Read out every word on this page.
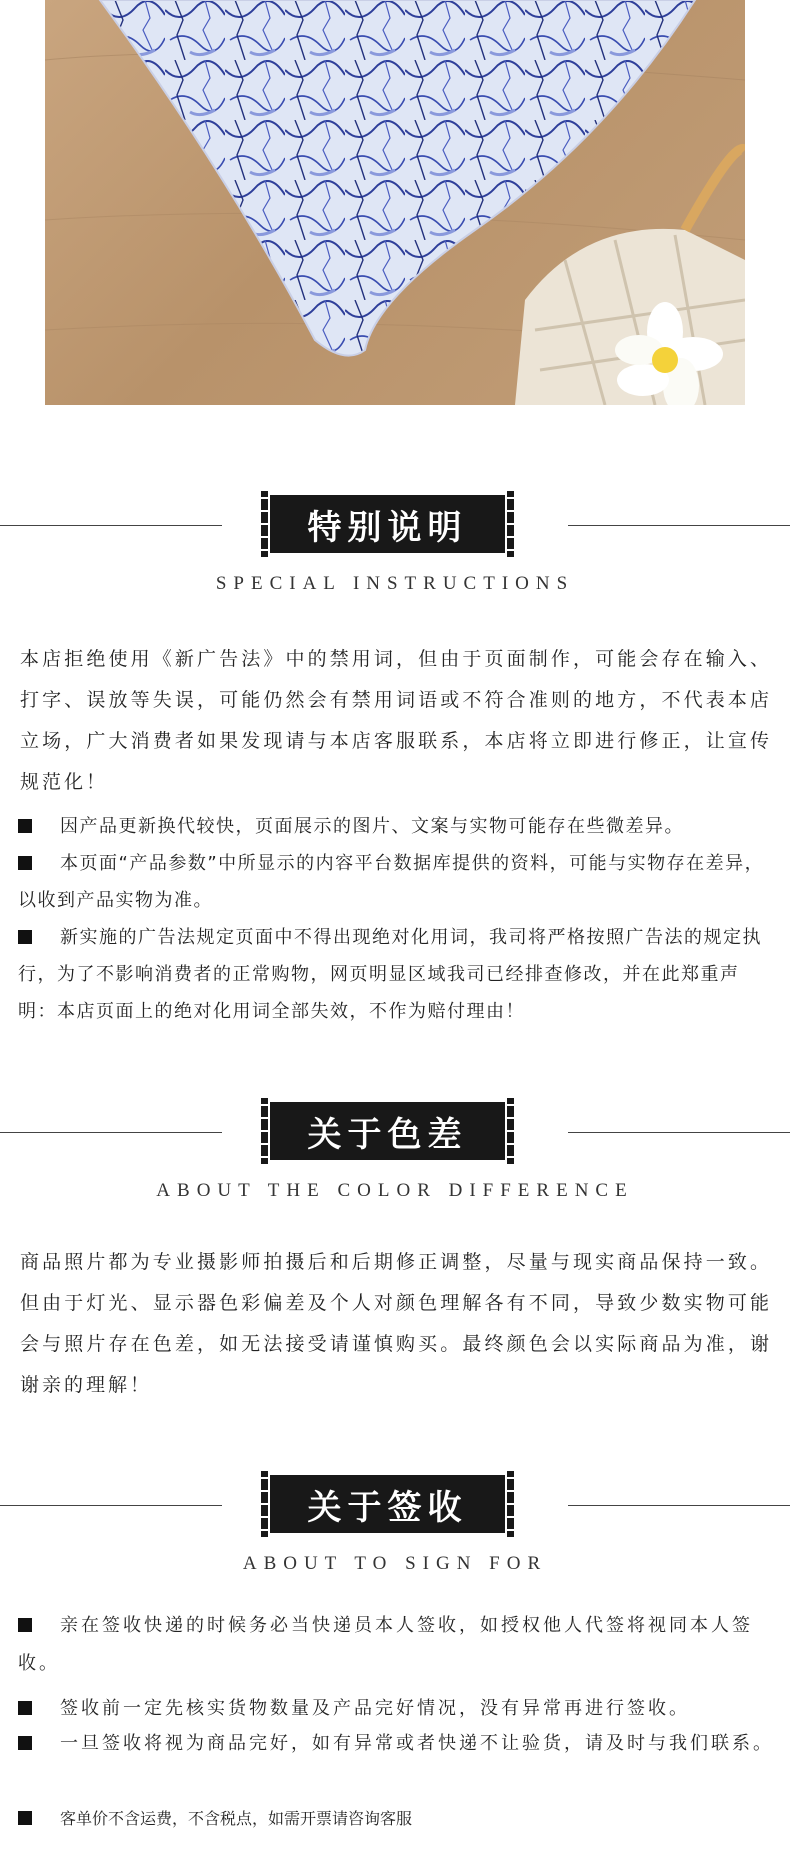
特别说明
SPECIAL INSTRUCTIONS
本店拒绝使用《新广告法》中的禁用词，但由于页面制作，可能会存在输入、打字、误放等失误，可能仍然会有禁用词语或不符合准则的地方，不代表本店立场，广大消费者如果发现请与本店客服联系，本店将立即进行修正，让宣传规范化！
因产品更新换代较快，页面展示的图片、文案与实物可能存在些微差异。
本页面“产品参数”中所显示的内容平台数据库提供的资料，可能与实物存在差异，以收到产品实物为准。
新实施的广告法规定页面中不得出现绝对化用词，我司将严格按照广告法的规定执行，为了不影响消费者的正常购物，网页明显区域我司已经排查修改，并在此郑重声明：本店页面上的绝对化用词全部失效，不作为赔付理由！
关于色差
ABOUT THE COLOR DIFFERENCE
商品照片都为专业摄影师拍摄后和后期修正调整，尽量与现实商品保持一致。但由于灯光、显示器色彩偏差及个人对颜色理解各有不同，导致少数实物可能会与照片存在色差，如无法接受请谨慎购买。最终颜色会以实际商品为准，谢谢亲的理解！
关于签收
ABOUT TO SIGN FOR
亲在签收快递的时候务必当快递员本人签收，如授权他人代签将视同本人签收。
签收前一定先核实货物数量及产品完好情况，没有异常再进行签收。
一旦签收将视为商品完好，如有异常或者快递不让验货，请及时与我们联系。
客单价不含运费，不含税点，如需开票请咨询客服
